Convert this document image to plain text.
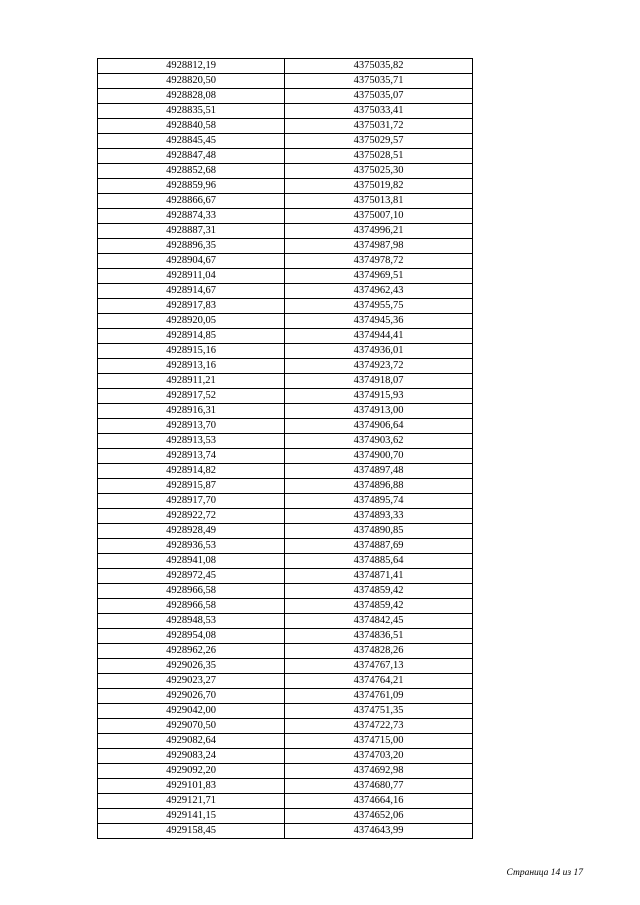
4928812,19	4375035,82
4928820,50	4375035,71
4928828,08	4375035,07
4928835,51	4375033,41
4928840,58	4375031,72
4928845,45	4375029,57
4928847,48	4375028,51
4928852,68	4375025,30
4928859,96	4375019,82
4928866,67	4375013,81
4928874,33	4375007,10
4928887,31	4374996,21
4928896,35	4374987,98
4928904,67	4374978,72
4928911,04	4374969,51
4928914,67	4374962,43
4928917,83	4374955,75
4928920,05	4374945,36
4928914,85	4374944,41
4928915,16	4374936,01
4928913,16	4374923,72
4928911,21	4374918,07
4928917,52	4374915,93
4928916,31	4374913,00
4928913,70	4374906,64
4928913,53	4374903,62
4928913,74	4374900,70
4928914,82	4374897,48
4928915,87	4374896,88
4928917,70	4374895,74
4928922,72	4374893,33
4928928,49	4374890,85
4928936,53	4374887,69
4928941,08	4374885,64
4928972,45	4374871,41
4928966,58	4374859,42
4928966,58	4374859,42
4928948,53	4374842,45
4928954,08	4374836,51
4928962,26	4374828,26
4929026,35	4374767,13
4929023,27	4374764,21
4929026,70	4374761,09
4929042,00	4374751,35
4929070,50	4374722,73
4929082,64	4374715,00
4929083,24	4374703,20
4929092,20	4374692,98
4929101,83	4374680,77
4929121,71	4374664,16
4929141,15	4374652,06
4929158,45	4374643,99
Страница 14 из 17
